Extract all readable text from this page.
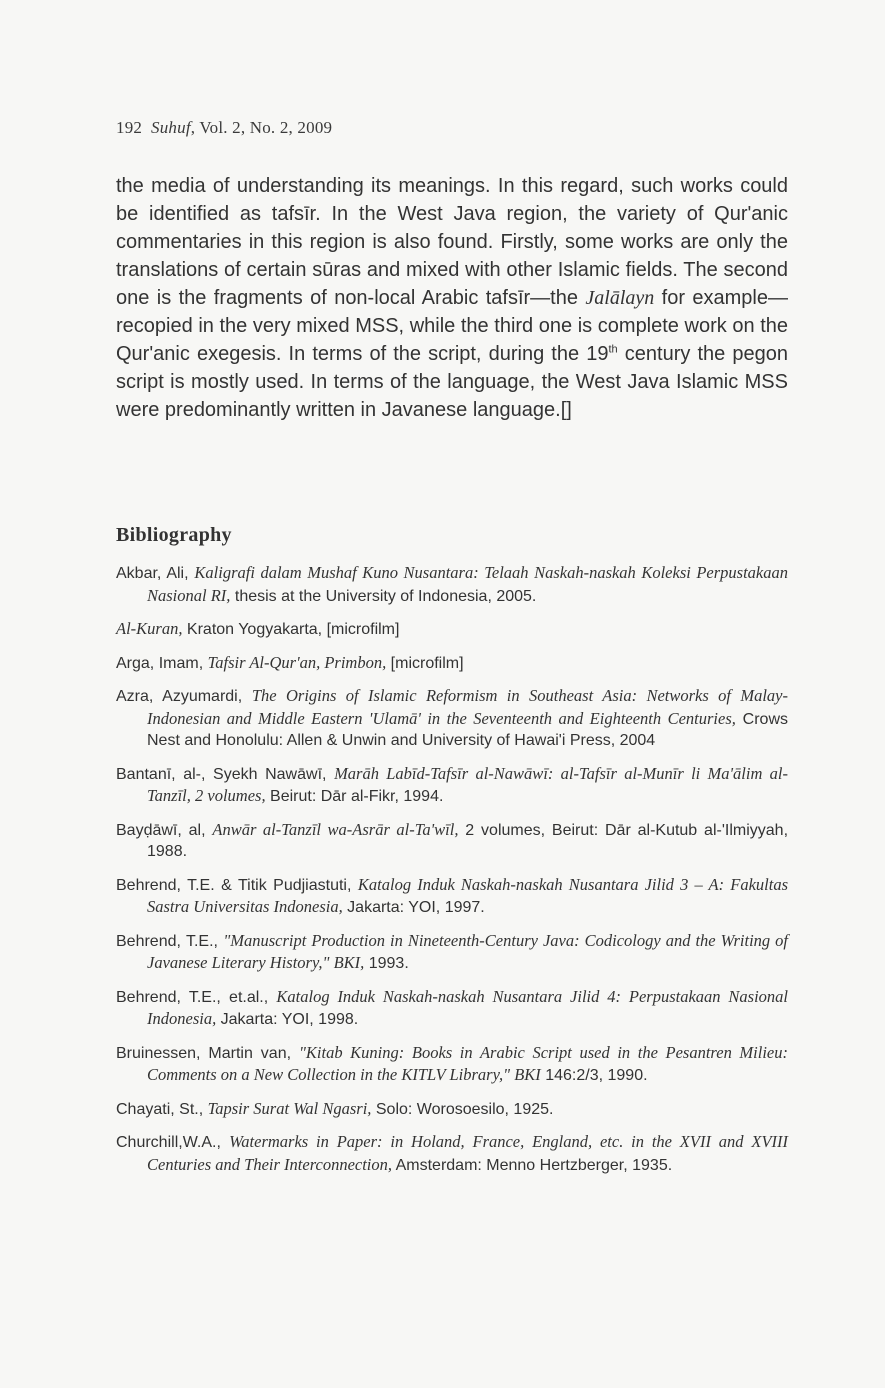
192 Suhuf, Vol. 2, No. 2, 2009

the media of understanding its meanings. In this regard, such works could be identified as tafsīr. In the West Java region, the variety of Qur'anic commentaries in this region is also found. Firstly, some works are only the translations of certain sūras and mixed with other Islamic fields. The second one is the fragments of non-local Arabic tafsīr—the Jalālayn for example—recopied in the very mixed MSS, while the third one is complete work on the Qur'anic exegesis. In terms of the script, during the 19th century the pegon script is mostly used. In terms of the language, the West Java Islamic MSS were predominantly written in Javanese language.[]

Bibliography
Akbar, Ali, Kaligrafi dalam Mushaf Kuno Nusantara: Telaah Naskah-naskah Koleksi Perpustakaan Nasional RI, thesis at the University of Indonesia, 2005.
Al-Kuran, Kraton Yogyakarta, [microfilm]
Arga, Imam, Tafsir Al-Qur'an, Primbon, [microfilm]
Azra, Azyumardi, The Origins of Islamic Reformism in Southeast Asia: Networks of Malay-Indonesian and Middle Eastern 'Ulamā' in the Seventeenth and Eighteenth Centuries, Crows Nest and Honolulu: Allen & Unwin and University of Hawai'i Press, 2004
Bantanī, al-, Syekh Nawāwī, Marāh Labīd-Tafsīr al-Nawāwī: al-Tafsīr al-Munīr li Ma'ālim al-Tanzīl, 2 volumes, Beirut: Dār al-Fikr, 1994.
Bayḍāwī, al, Anwār al-Tanzīl wa-Asrār al-Ta'wīl, 2 volumes, Beirut: Dār al-Kutub al-'Ilmiyyah, 1988.
Behrend, T.E. & Titik Pudjiastuti, Katalog Induk Naskah-naskah Nusantara Jilid 3 – A: Fakultas Sastra Universitas Indonesia, Jakarta: YOI, 1997.
Behrend, T.E., "Manuscript Production in Nineteenth-Century Java: Codicology and the Writing of Javanese Literary History," BKI, 1993.
Behrend, T.E., et.al., Katalog Induk Naskah-naskah Nusantara Jilid 4: Perpustakaan Nasional Indonesia, Jakarta: YOI, 1998.
Bruinessen, Martin van, "Kitab Kuning: Books in Arabic Script used in the Pesantren Milieu: Comments on a New Collection in the KITLV Library," BKI 146:2/3, 1990.
Chayati, St., Tapsir Surat Wal Ngasri, Solo: Worosoesilo, 1925.
Churchill,W.A., Watermarks in Paper: in Holand, France, England, etc. in the XVII and XVIII Centuries and Their Interconnection, Amsterdam: Menno Hertzberger, 1935.
